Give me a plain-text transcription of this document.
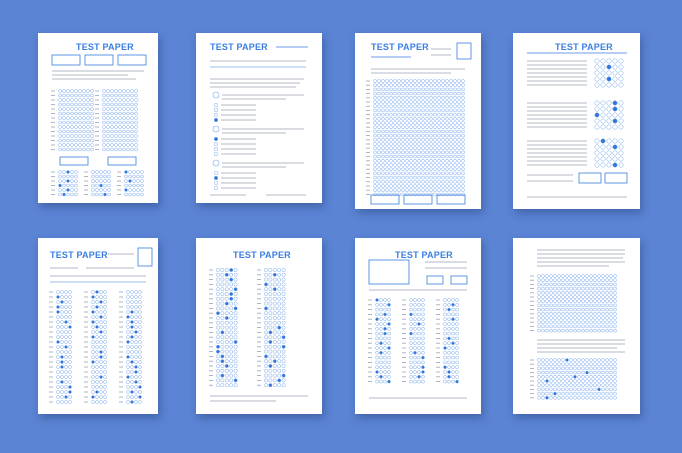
TEST PAPER	TEST PAPER	TEST PAPER	TEST PAPER
TEST PAPER	TEST PAPER	TEST PAPER
